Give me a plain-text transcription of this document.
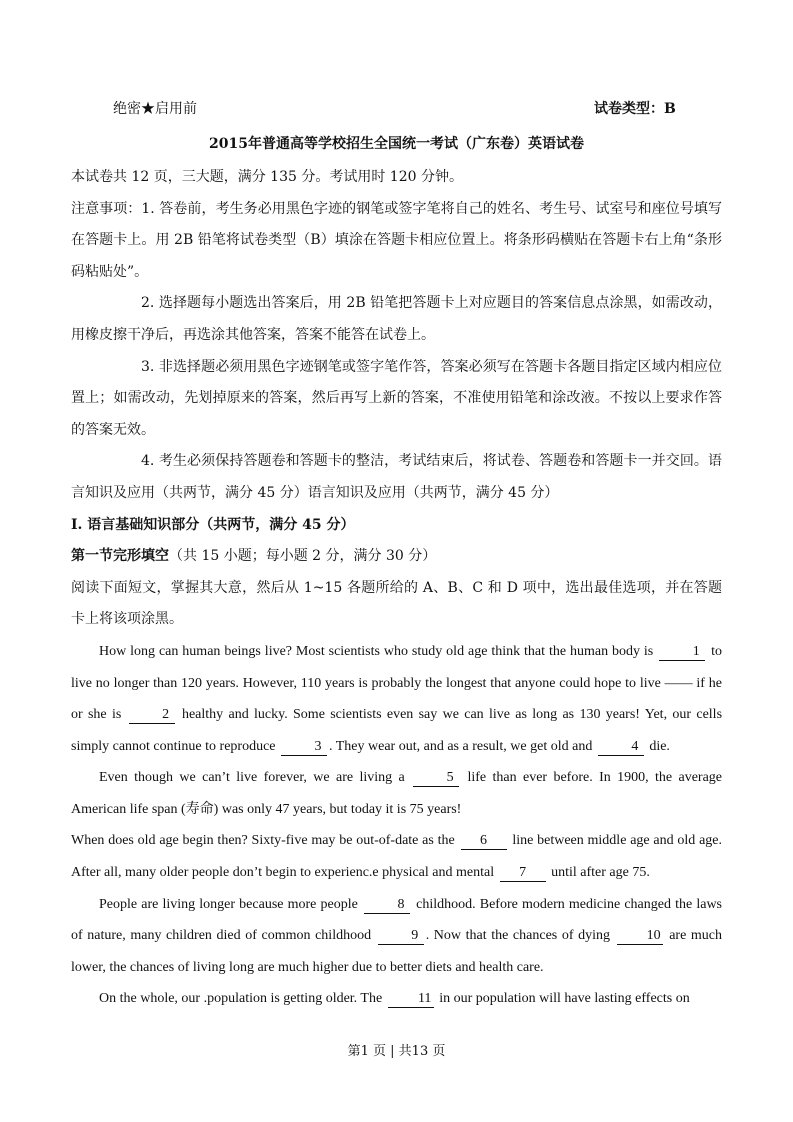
绝密★启用前	试卷类型：B
2015年普通高等学校招生全国统一考试（广东卷）英语试卷

本试卷共 12 页，三大题，满分 135 分。考试用时 120 分钟。

注意事项：1. 答卷前，考生务必用黑色字迹的钢笔或签字笔将自己的姓名、考生号、试室号和座位号填写在答题卡上。用 2B 铅笔将试卷类型（B）填涂在答题卡相应位置上。将条形码横贴在答题卡右上角“条形码粘贴处”。

2. 选择题每小题选出答案后，用 2B 铅笔把答题卡上对应题目的答案信息点涂黑，如需改动，用橡皮擦干净后，再选涂其他答案，答案不能答在试卷上。

3. 非选择题必须用黑色字迹钢笔或签字笔作答，答案必须写在答题卡各题目指定区域内相应位置上；如需改动，先划掉原来的答案，然后再写上新的答案，不准使用铅笔和涂改液。不按以上要求作答的答案无效。

4. 考生必须保持答题卷和答题卡的整洁，考试结束后，将试卷、答题卷和答题卡一并交回。语言知识及应用（共两节，满分 45 分）语言知识及应用（共两节，满分 45 分）

Ⅰ. 语言基础知识部分（共两节，满分 45 分）

第一节完形填空（共 15 小题；每小题 2 分，满分 30 分）

阅读下面短文，掌握其大意，然后从 1~15 各题所给的 A、B、C 和 D 项中，选出最佳选项，并在答题卡上将该项涂黑。

How long can human beings live? Most scientists who study old age think that the human body is	1 to live no longer than 120 years. However, 110 years is probably the longest that anyone could hope to live —— if he or she is	2 healthy and lucky. Some scientists even say we can live as long as 130 years! Yet, our cells simply cannot continue to reproduce	3 . They wear out, and as a result, we get old and	4 die.

Even though we can’t live forever, we are living a	5 life than ever before. In 1900, the average American life span (寿命) was only 47 years, but today it is 75 years!

When does old age begin then? Sixty-five may be out-of-date as the 6 line between middle age and old age. After all, many older people don’t begin to experienc.e physical and mental 7 until after age 75.

People are living longer because more people	8 childhood. Before modern medicine changed the laws of nature, many children died of common childhood	9 . Now that the chances of dying	10 are much lower, the chances of living long are much higher due to better diets and health care.

On the whole, our .population is getting older. The	11 in our population will have lasting effects on

第1 页 | 共13 页
